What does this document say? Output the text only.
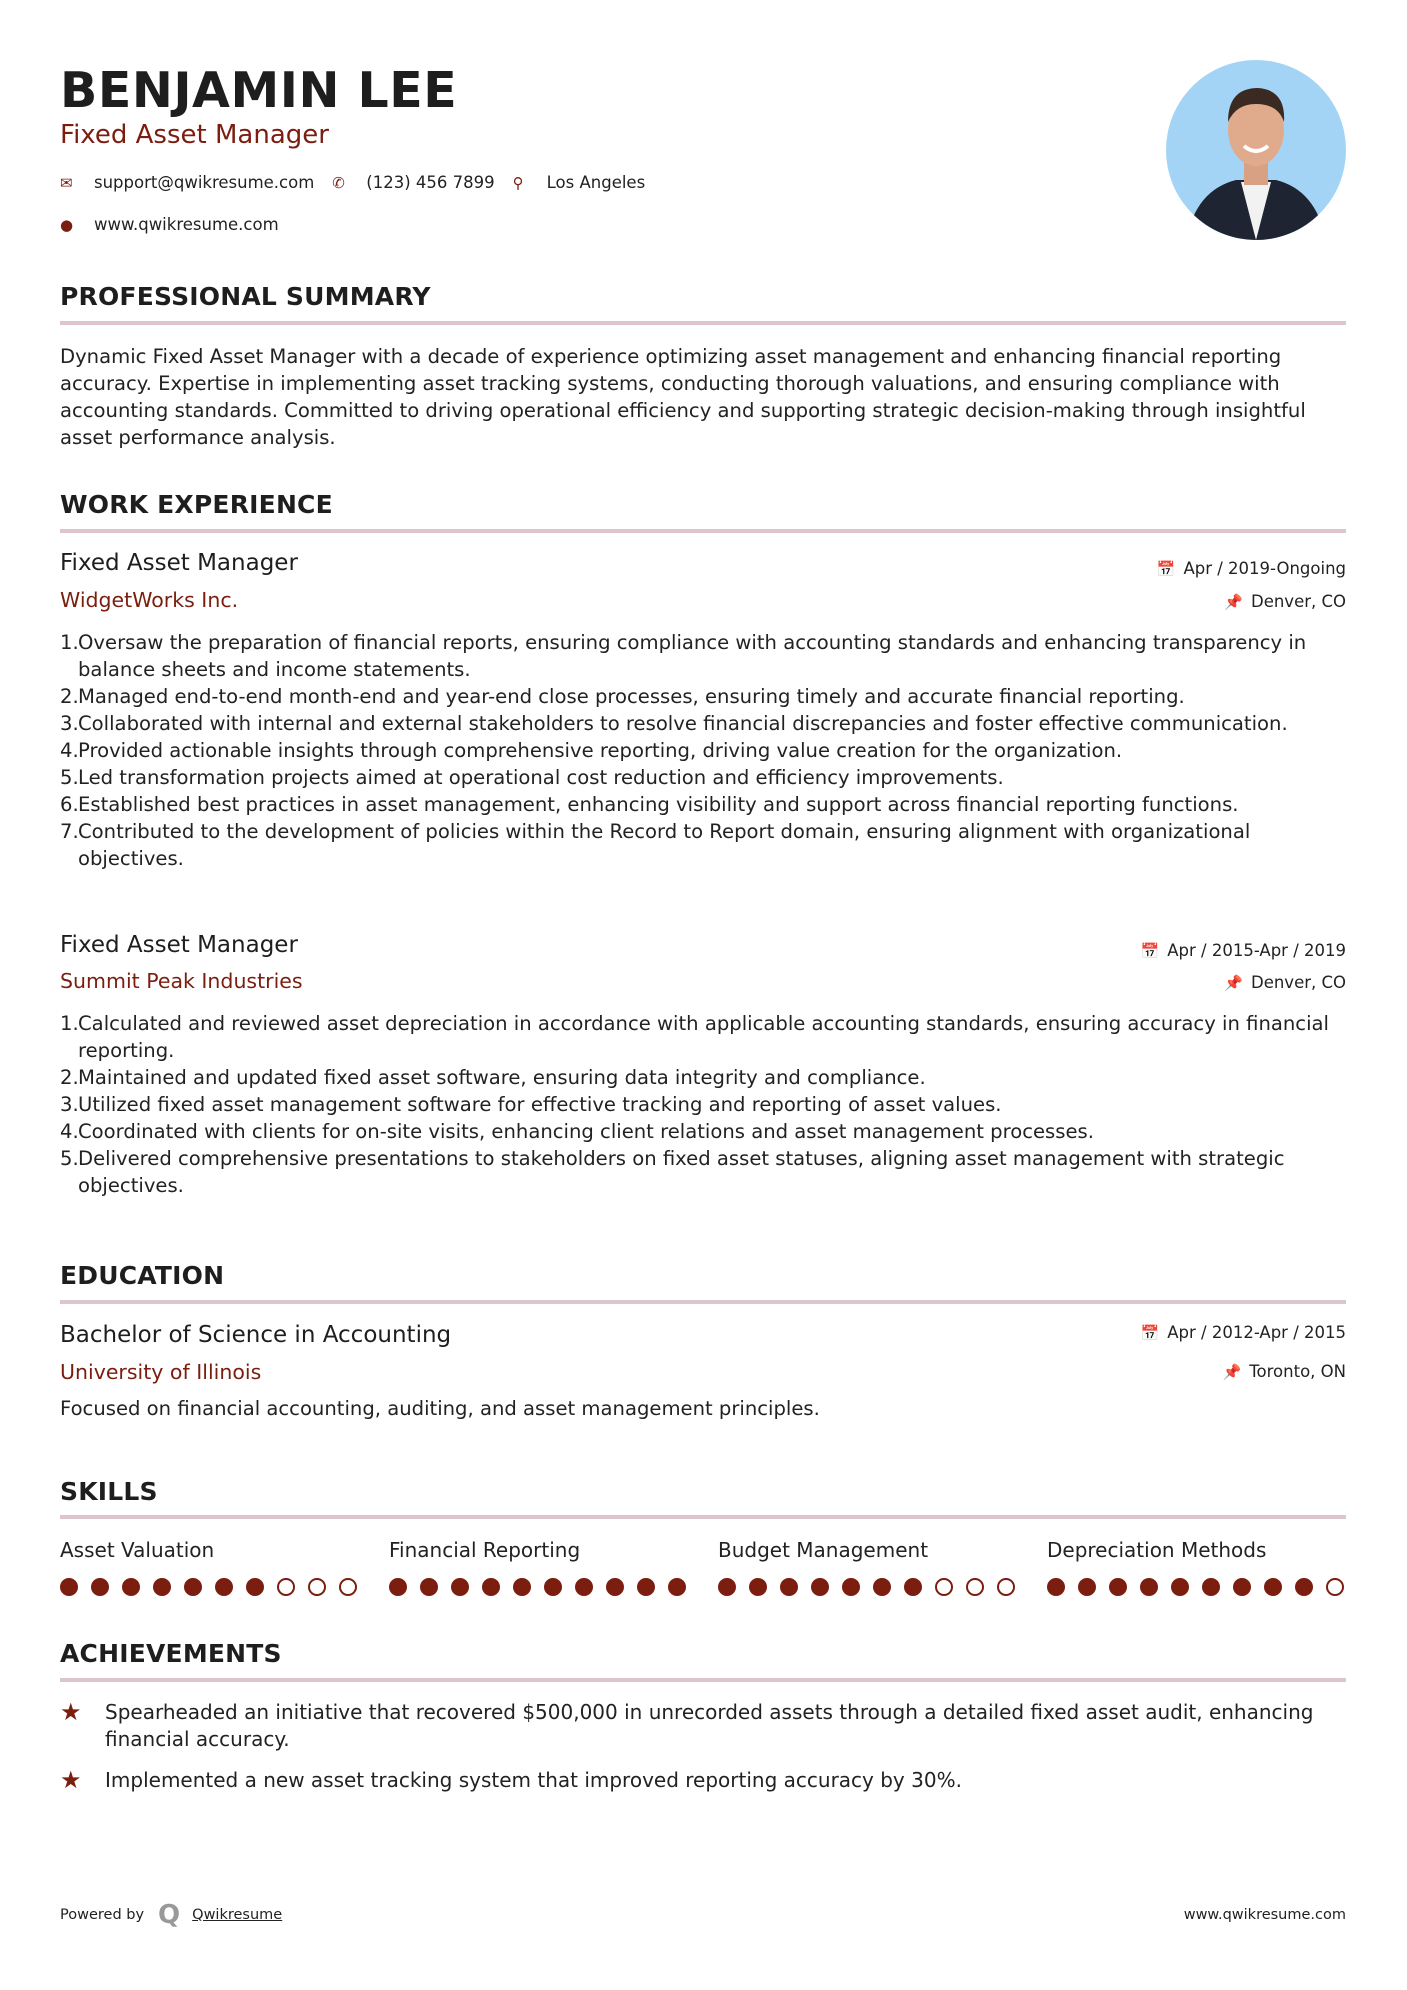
BENJAMIN LEE
Fixed Asset Manager
✉	support@qwikresume.com ✆	(123) 456 7899 ⚲	Los Angeles
●	www.qwikresume.com
PROFESSIONAL SUMMARY
Dynamic Fixed Asset Manager with a decade of experience optimizing asset management and enhancing financial reporting accuracy. Expertise in implementing asset tracking systems, conducting thorough valuations, and ensuring compliance with accounting standards. Committed to driving operational efficiency and supporting strategic decision-making through insightful asset performance analysis.
WORK EXPERIENCE
Fixed Asset Manager	📅 Apr / 2019-Ongoing
WidgetWorks Inc.	📌 Denver, CO
Oversaw the preparation of financial reports, ensuring compliance with accounting standards and enhancing transparency in balance sheets and income statements.
Managed end-to-end month-end and year-end close processes, ensuring timely and accurate financial reporting.
Collaborated with internal and external stakeholders to resolve financial discrepancies and foster effective communication.
Provided actionable insights through comprehensive reporting, driving value creation for the organization.
Led transformation projects aimed at operational cost reduction and efficiency improvements.
Established best practices in asset management, enhancing visibility and support across financial reporting functions.
Contributed to the development of policies within the Record to Report domain, ensuring alignment with organizational objectives.
Fixed Asset Manager	📅 Apr / 2015-Apr / 2019
Summit Peak Industries	📌 Denver, CO
Calculated and reviewed asset depreciation in accordance with applicable accounting standards, ensuring accuracy in financial reporting.
Maintained and updated fixed asset software, ensuring data integrity and compliance.
Utilized fixed asset management software for effective tracking and reporting of asset values.
Coordinated with clients for on-site visits, enhancing client relations and asset management processes.
Delivered comprehensive presentations to stakeholders on fixed asset statuses, aligning asset management with strategic objectives.
EDUCATION
Bachelor of Science in Accounting	📅 Apr / 2012-Apr / 2015
University of Illinois	📌 Toronto, ON
Focused on financial accounting, auditing, and asset management principles.
SKILLS
Asset Valuation	Financial Reporting	Budget Management	Depreciation Methods
ACHIEVEMENTS
★	Spearheaded an initiative that recovered $500,000 in unrecorded assets through a detailed fixed asset audit, enhancing financial accuracy.
★	Implemented a new asset tracking system that improved reporting accuracy by 30%.
Powered by Q Qwikresume	www.qwikresume.com
